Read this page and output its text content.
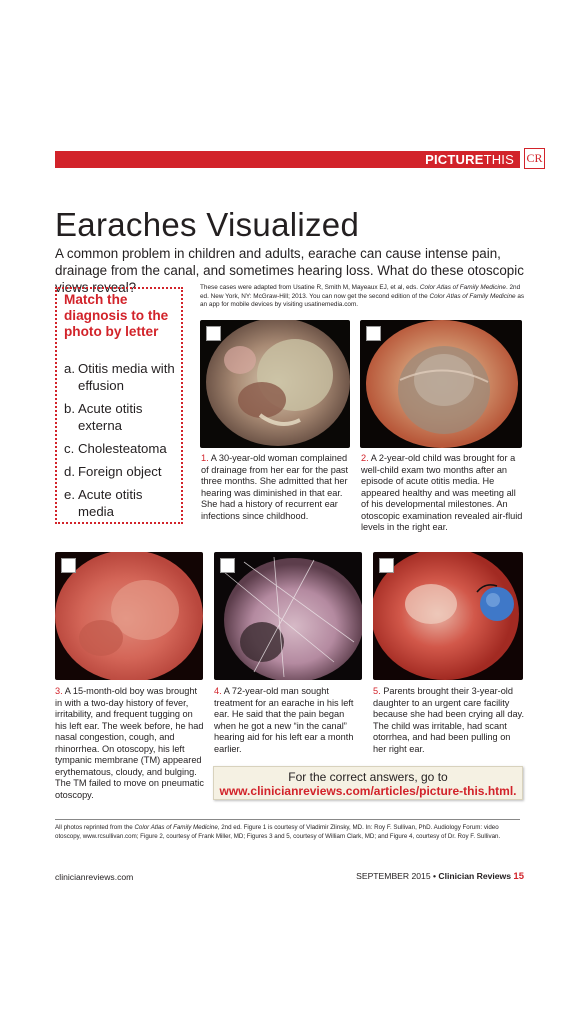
PICTURETHIS CR
Earaches Visualized
A common problem in children and adults, earache can cause intense pain, drainage from the canal, and sometimes hearing loss. What do these otoscopic views reveal?
Match the diagnosis to the photo by letter
a. Otitis media with effusion
b. Acute otitis externa
c. Cholesteatoma
d. Foreign object
e. Acute otitis media
These cases were adapted from Usatine R, Smith M, Mayeaux EJ, et al, eds. Color Atlas of Family Medicine. 2nd ed. New York, NY: McGraw-Hill; 2013. You can now get the second edition of the Color Atlas of Family Medicine as an app for mobile devices by visiting usatinemedia.com.
1. A 30-year-old woman complained of drainage from her ear for the past three months. She admitted that her hearing was diminished in that ear. She had a history of recurrent ear infections since childhood.
2. A 2-year-old child was brought for a well-child exam two months after an episode of acute otitis media. He appeared healthy and was meeting all of his developmental milestones. An otoscopic examination revealed air-fluid levels in the right ear.
3. A 15-month-old boy was brought in with a two-day history of fever, irritability, and frequent tugging on his left ear. The week before, he had nasal congestion, cough, and rhinorrhea. On otoscopy, his left tympanic membrane (TM) appeared erythematous, cloudy, and bulging. The TM failed to move on pneumatic otoscopy.
4. A 72-year-old man sought treatment for an earache in his left ear. He said that the pain began when he got a new “in the canal” hearing aid for his left ear a month earlier.
5. Parents brought their 3-year-old daughter to an urgent care facility because she had been crying all day. The child was irritable, had scant otorrhea, and had been pulling on her right ear.
For the correct answers, go to
www.clinicianreviews.com/articles/picture-this.html.
All photos reprinted from the Color Atlas of Family Medicine, 2nd ed. Figure 1 is courtesy of Vladimir Zlinsky, MD. In: Roy F. Sullivan, PhD. Audiology Forum: video otoscopy, www.rcsullivan.com; Figure 2, courtesy of Frank Miller, MD; Figures 3 and 5, courtesy of William Clark, MD; and Figure 4, courtesy of Dr. Roy F. Sullivan.
clinicianreviews.com	SEPTEMBER 2015 • Clinician Reviews 15
